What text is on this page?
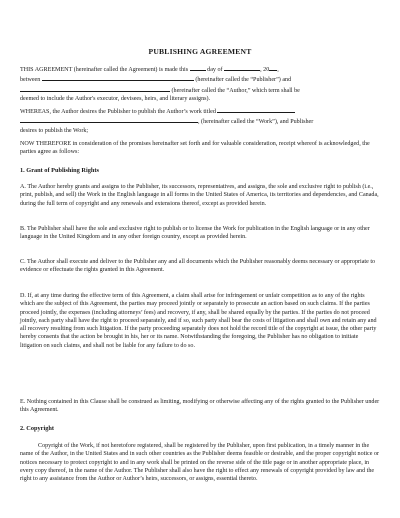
PUBLISHING AGREEMENT
THIS AGREEMENT (hereinafter called the Agreement) is made this	day of	, 20 ,
between	(hereinafter called the “Publisher”) and
(hereinafter called the “Author,” which term shall be
deemed to include the Author's executor, devisees, heirs, and literary assigns).
WHEREAS, the Author desires the Publisher to publish the Author’s work titled
, (hereinafter called the “Work”), and Publisher
desires to publish the Work;
NOW THEREFORE in consideration of the promises hereinafter set forth and for valuable consideration, receipt whereof is acknowledged, the parties agree as follows:
1. Grant of Publishing Rights
A. The Author hereby grants and assigns to the Publisher, its successors, representatives, and assigns, the sole and exclusive right to publish (i.e., print, publish, and sell) the Work in the English language in all forms in the United States of America, its territories and dependencies, and Canada, during the full term of copyright and any renewals and extensions thereof, except as provided herein.
B. The Publisher shall have the sole and exclusive right to publish or to license the Work for publication in the English language or in any other language in the United Kingdom and in any other foreign country, except as provided herein.
C. The Author shall execute and deliver to the Publisher any and all documents which the Publisher reasonably deems necessary or appropriate to evidence or effectuate the rights granted in this Agreement.
D. If, at any time during the effective term of this Agreement, a claim shall arise for infringement or unfair competition as to any of the rights which are the subject of this Agreement, the parties may proceed jointly or separately to prosecute an action based on such claims. If the parties proceed jointly, the expenses (including attorneys’ fees) and recovery, if any, shall be shared equally by the parties. If the parties do not proceed jointly, each party shall have the right to proceed separately, and if so, such party shall bear the costs of litigation and shall own and retain any and all recovery resulting from such litigation. If the party proceeding separately does not hold the record title of the copyright at issue, the other party hereby consents that the action be brought in his, her or its name. Notwithstanding the foregoing, the Publisher has no obligation to initiate litigation on such claims, and shall not be liable for any failure to do so.
E. Nothing contained in this Clause shall be construed as limiting, modifying or otherwise affecting any of the rights granted to the Publisher under this Agreement.
2. Copyright
Copyright of the Work, if not heretofore registered, shall be registered by the Publisher, upon first publication, in a timely manner in the name of the Author, in the United States and in such other countries as the Publisher deems feasible or desirable, and the proper copyright notice or notices necessary to protect copyright to and in any work shall be printed on the reverse side of the title page or in another appropriate place, in every copy thereof, in the name of the Author. The Publisher shall also have the right to effect any renewals of copyright provided by law and the right to any assistance from the Author or Author’s heirs, successors, or assigns, essential thereto.
